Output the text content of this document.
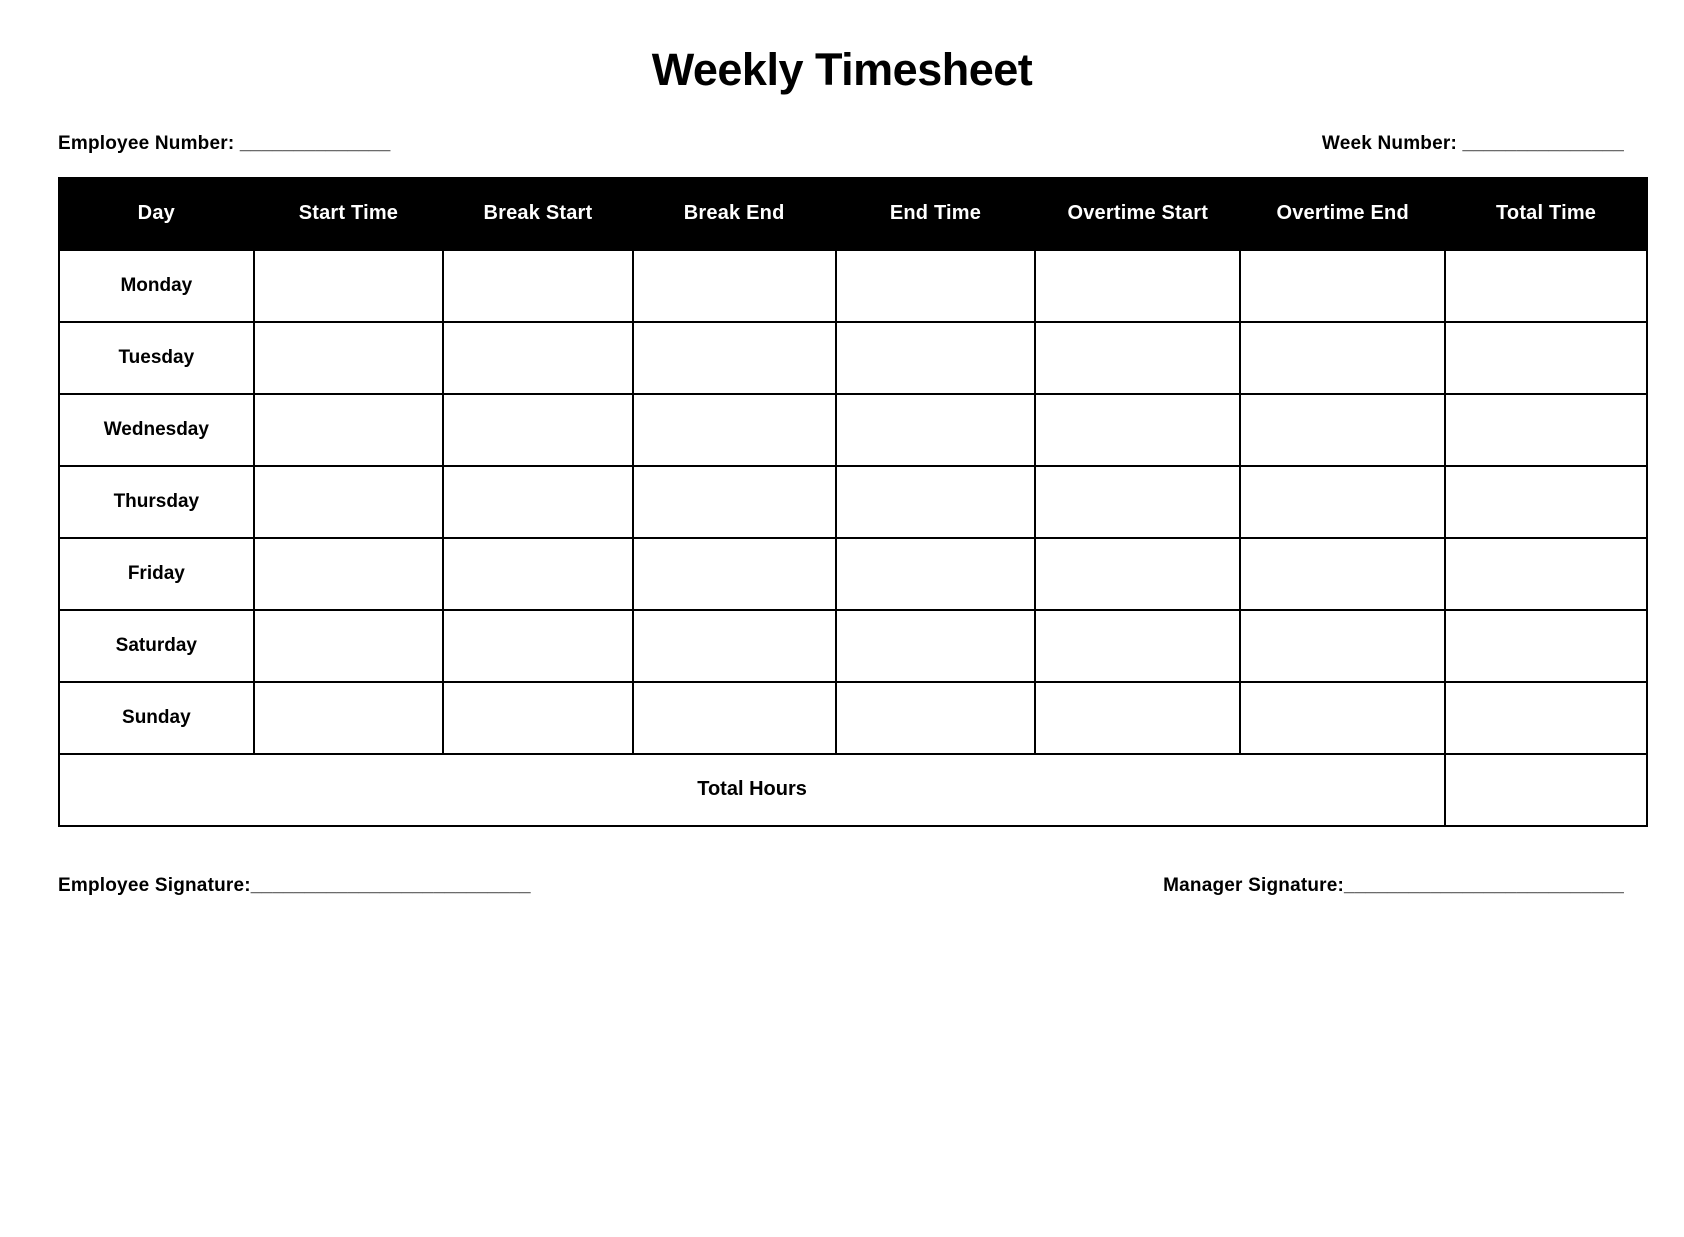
Weekly Timesheet
Employee Number: ______________	Week Number: _______________
Day	Start Time	Break Start	Break End	End Time	Overtime Start	Overtime End	Total Time
Monday							
Tuesday							
Wednesday							
Thursday							
Friday							
Saturday							
Sunday							
Total Hours							
Employee Signature:__________________________	Manager Signature:__________________________
